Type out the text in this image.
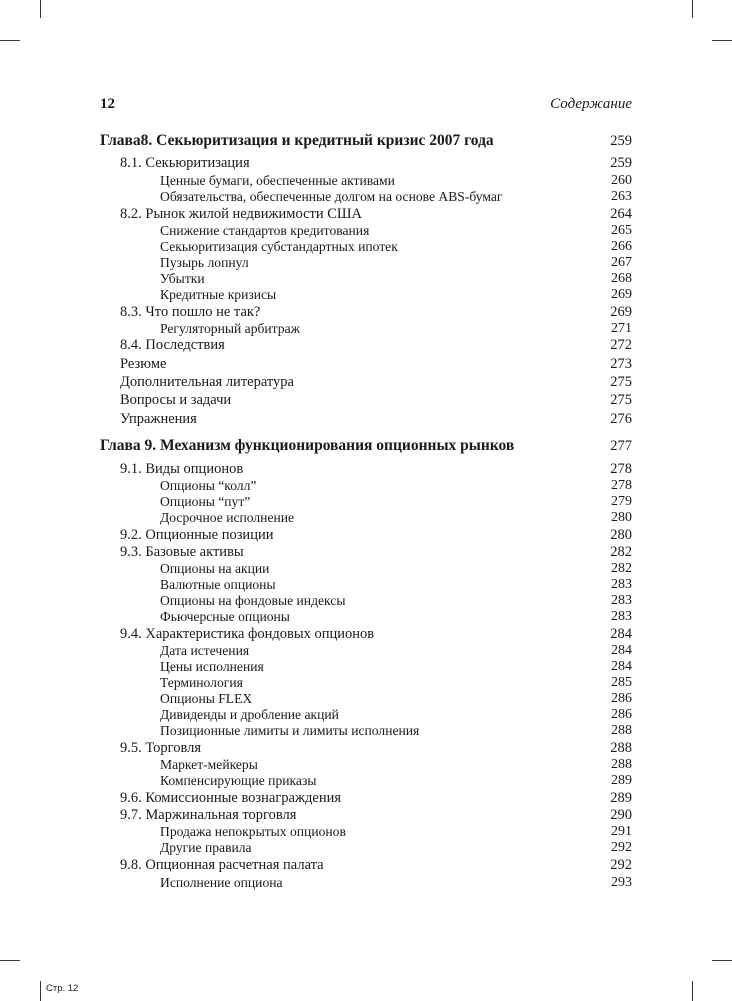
12	Содержание
Глава8. Секьюритизация и кредитный кризис 2007 года	259
8.1. Секьюритизация	259
Ценные бумаги, обеспеченные активами	260
Обязательства, обеспеченные долгом на основе ABS-бумаг	263
8.2. Рынок жилой недвижимости США	264
Снижение стандартов кредитования	265
Секьюритизация субстандартных ипотек	266
Пузырь лопнул	267
Убытки	268
Кредитные кризисы	269
8.3. Что пошло не так?	269
Регуляторный арбитраж	271
8.4. Последствия	272
Резюме	273
Дополнительная литература	275
Вопросы и задачи	275
Упражнения	276
Глава 9. Механизм функционирования опционных рынков	277
9.1. Виды опционов	278
Опционы “колл”	278
Опционы “пут”	279
Досрочное исполнение	280
9.2. Опционные позиции	280
9.3. Базовые активы	282
Опционы на акции	282
Валютные опционы	283
Опционы на фондовые индексы	283
Фьючерсные опционы	283
9.4. Характеристика фондовых опционов	284
Дата истечения	284
Цены исполнения	284
Терминология	285
Опционы FLEX	286
Дивиденды и дробление акций	286
Позиционные лимиты и лимиты исполнения	288
9.5. Торговля	288
Маркет-мейкеры	288
Компенсирующие приказы	289
9.6. Комиссионные вознаграждения	289
9.7. Маржинальная торговля	290
Продажа непокрытых опционов	291
Другие правила	292
9.8. Опционная расчетная палата	292
Исполнение опциона	293
Стр. 12
